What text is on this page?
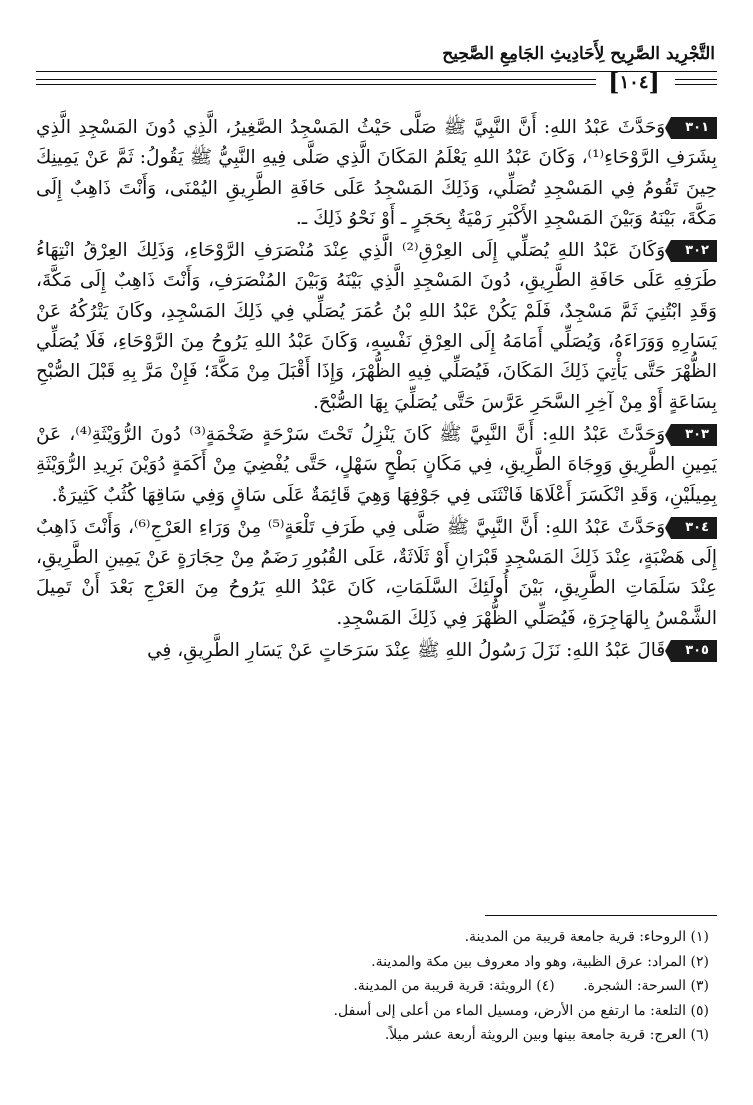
التَّجْرِيد الصَّرِيح لِأَحَادِيثِ الجَامِعِ الصَّحِيح
[ ١٠٤ ]

٣٠١وَحَدَّثَ عَبْدُ اللهِ: أَنَّ النَّبِيَّ ﷺ صَلَّى حَيْثُ المَسْجِدُ الصَّغِيرُ، الَّذِي دُونَ المَسْجِدِ الَّذِي بِشَرَفِ الرَّوْحَاءِ⁽¹⁾، وَكَانَ عَبْدُ اللهِ يَعْلَمُ المَكَانَ الَّذِي صَلَّى فِيهِ النَّبِيُّ ﷺ يَقُولُ: ثَمَّ عَنْ يَمِينِكَ حِينَ تَقُومُ فِي المَسْجِدِ تُصَلِّي، وَذَلِكَ المَسْجِدُ عَلَى حَافَةِ الطَّرِيقِ اليُمْنَى، وَأَنْتَ ذَاهِبٌ إِلَى مَكَّةَ، بَيْنَهُ وَبَيْنَ المَسْجِدِ الأَكْبَرِ رَمْيَةٌ بِحَجَرٍ ـ أَوْ نَحْوُ ذَلِكَ ـ.

٣٠٢وَكَانَ عَبْدُ اللهِ يُصَلِّي إِلَى العِرْقِ⁽²⁾ الَّذِي عِنْدَ مُنْصَرَفِ الرَّوْحَاءِ، وَذَلِكَ العِرْقُ انْتِهَاءُ طَرَفِهِ عَلَى حَافَةِ الطَّرِيقِ، دُونَ المَسْجِدِ الَّذِي بَيْنَهُ وَبَيْنَ المُنْصَرَفِ، وَأَنْتَ ذَاهِبٌ إِلَى مَكَّةَ، وَقَدِ ابْتُنِيَ ثَمَّ مَسْجِدٌ، فَلَمْ يَكُنْ عَبْدُ اللهِ بْنُ عُمَرَ يُصَلِّي فِي ذَلِكَ المَسْجِدِ، وكَانَ يَتْرُكُهُ عَنْ يَسَارِهِ وَوَرَاءَهُ، وَيُصَلِّي أَمَامَهُ إِلَى العِرْقِ نَفْسِهِ، وَكَانَ عَبْدُ اللهِ يَرُوحُ مِنَ الرَّوْحَاءِ، فَلَا يُصَلِّي الظُّهْرَ حَتَّى يَأْتِيَ ذَلِكَ المَكَانَ، فَيُصَلِّي فِيهِ الظُّهْرَ، وَإِذَا أَقْبَلَ مِنْ مَكَّةَ؛ فَإِنْ مَرَّ بِهِ قَبْلَ الصُّبْحِ بِسَاعَةٍ أَوْ مِنْ آخِرِ السَّحَرِ عَرَّسَ حَتَّى يُصَلِّيَ بِهَا الصُّبْحَ.

٣٠٣وَحَدَّثَ عَبْدُ اللهِ: أَنَّ النَّبِيَّ ﷺ كَانَ يَنْزِلُ تَحْتَ سَرْحَةٍ ضَخْمَةٍ⁽³⁾ دُونَ الرُّوَيْثَةِ⁽⁴⁾، عَنْ يَمِينِ الطَّرِيقِ وَوِجَاهَ الطَّرِيقِ، فِي مَكَانٍ بَطْحٍ سَهْلٍ، حَتَّى يُفْضِيَ مِنْ أَكَمَةٍ دُوَيْنَ بَرِيدِ الرُّوَيْثَةِ بِمِيلَيْنِ، وَقَدِ انْكَسَرَ أَعْلَاهَا فَانْثَنَى فِي جَوْفِهَا وَهِيَ قَائِمَةٌ عَلَى سَاقٍ وَفِي سَاقِهَا كُثُبٌ كَثِيرَةٌ.

٣٠٤وَحَدَّثَ عَبْدُ اللهِ: أَنَّ النَّبِيَّ ﷺ صَلَّى فِي طَرَفِ تَلْعَةٍ⁽⁵⁾ مِنْ وَرَاءِ العَرْجِ⁽⁶⁾، وَأَنْتَ ذَاهِبٌ إِلَى هَضْبَةٍ، عِنْدَ ذَلِكَ المَسْجِدِ قَبْرَانِ أَوْ ثَلَاثَةٌ، عَلَى القُبُورِ رَضَمٌ مِنْ حِجَارَةٍ عَنْ يَمِينِ الطَّرِيقِ، عِنْدَ سَلَمَاتِ الطَّرِيقِ، بَيْنَ أُولَئِكَ السَّلَمَاتِ، كَانَ عَبْدُ اللهِ يَرُوحُ مِنَ العَرْجِ بَعْدَ أَنْ تَمِيلَ الشَّمْسُ بِالهَاجِرَةِ، فَيُصَلِّي الظُّهْرَ فِي ذَلِكَ المَسْجِدِ.

٣٠٥قَالَ عَبْدُ اللهِ: نَزَلَ رَسُولُ اللهِ ﷺ عِنْدَ سَرَحَاتٍ عَنْ يَسَارِ الطَّرِيقِ، فِي

(١) الروحاء: قرية جامعة قريبة من المدينة.
(٢) المراد: عرق الظبية، وهو واد معروف بين مكة والمدينة.
(٣) السرحة: الشجرة. (٤) الرويثة: قرية قريبة من المدينة.
(٥) التلعة: ما ارتفع من الأرض، ومسيل الماء من أعلى إلى أسفل.
(٦) العرج: قرية جامعة بينها وبين الرويثة أربعة عشر ميلاً.
